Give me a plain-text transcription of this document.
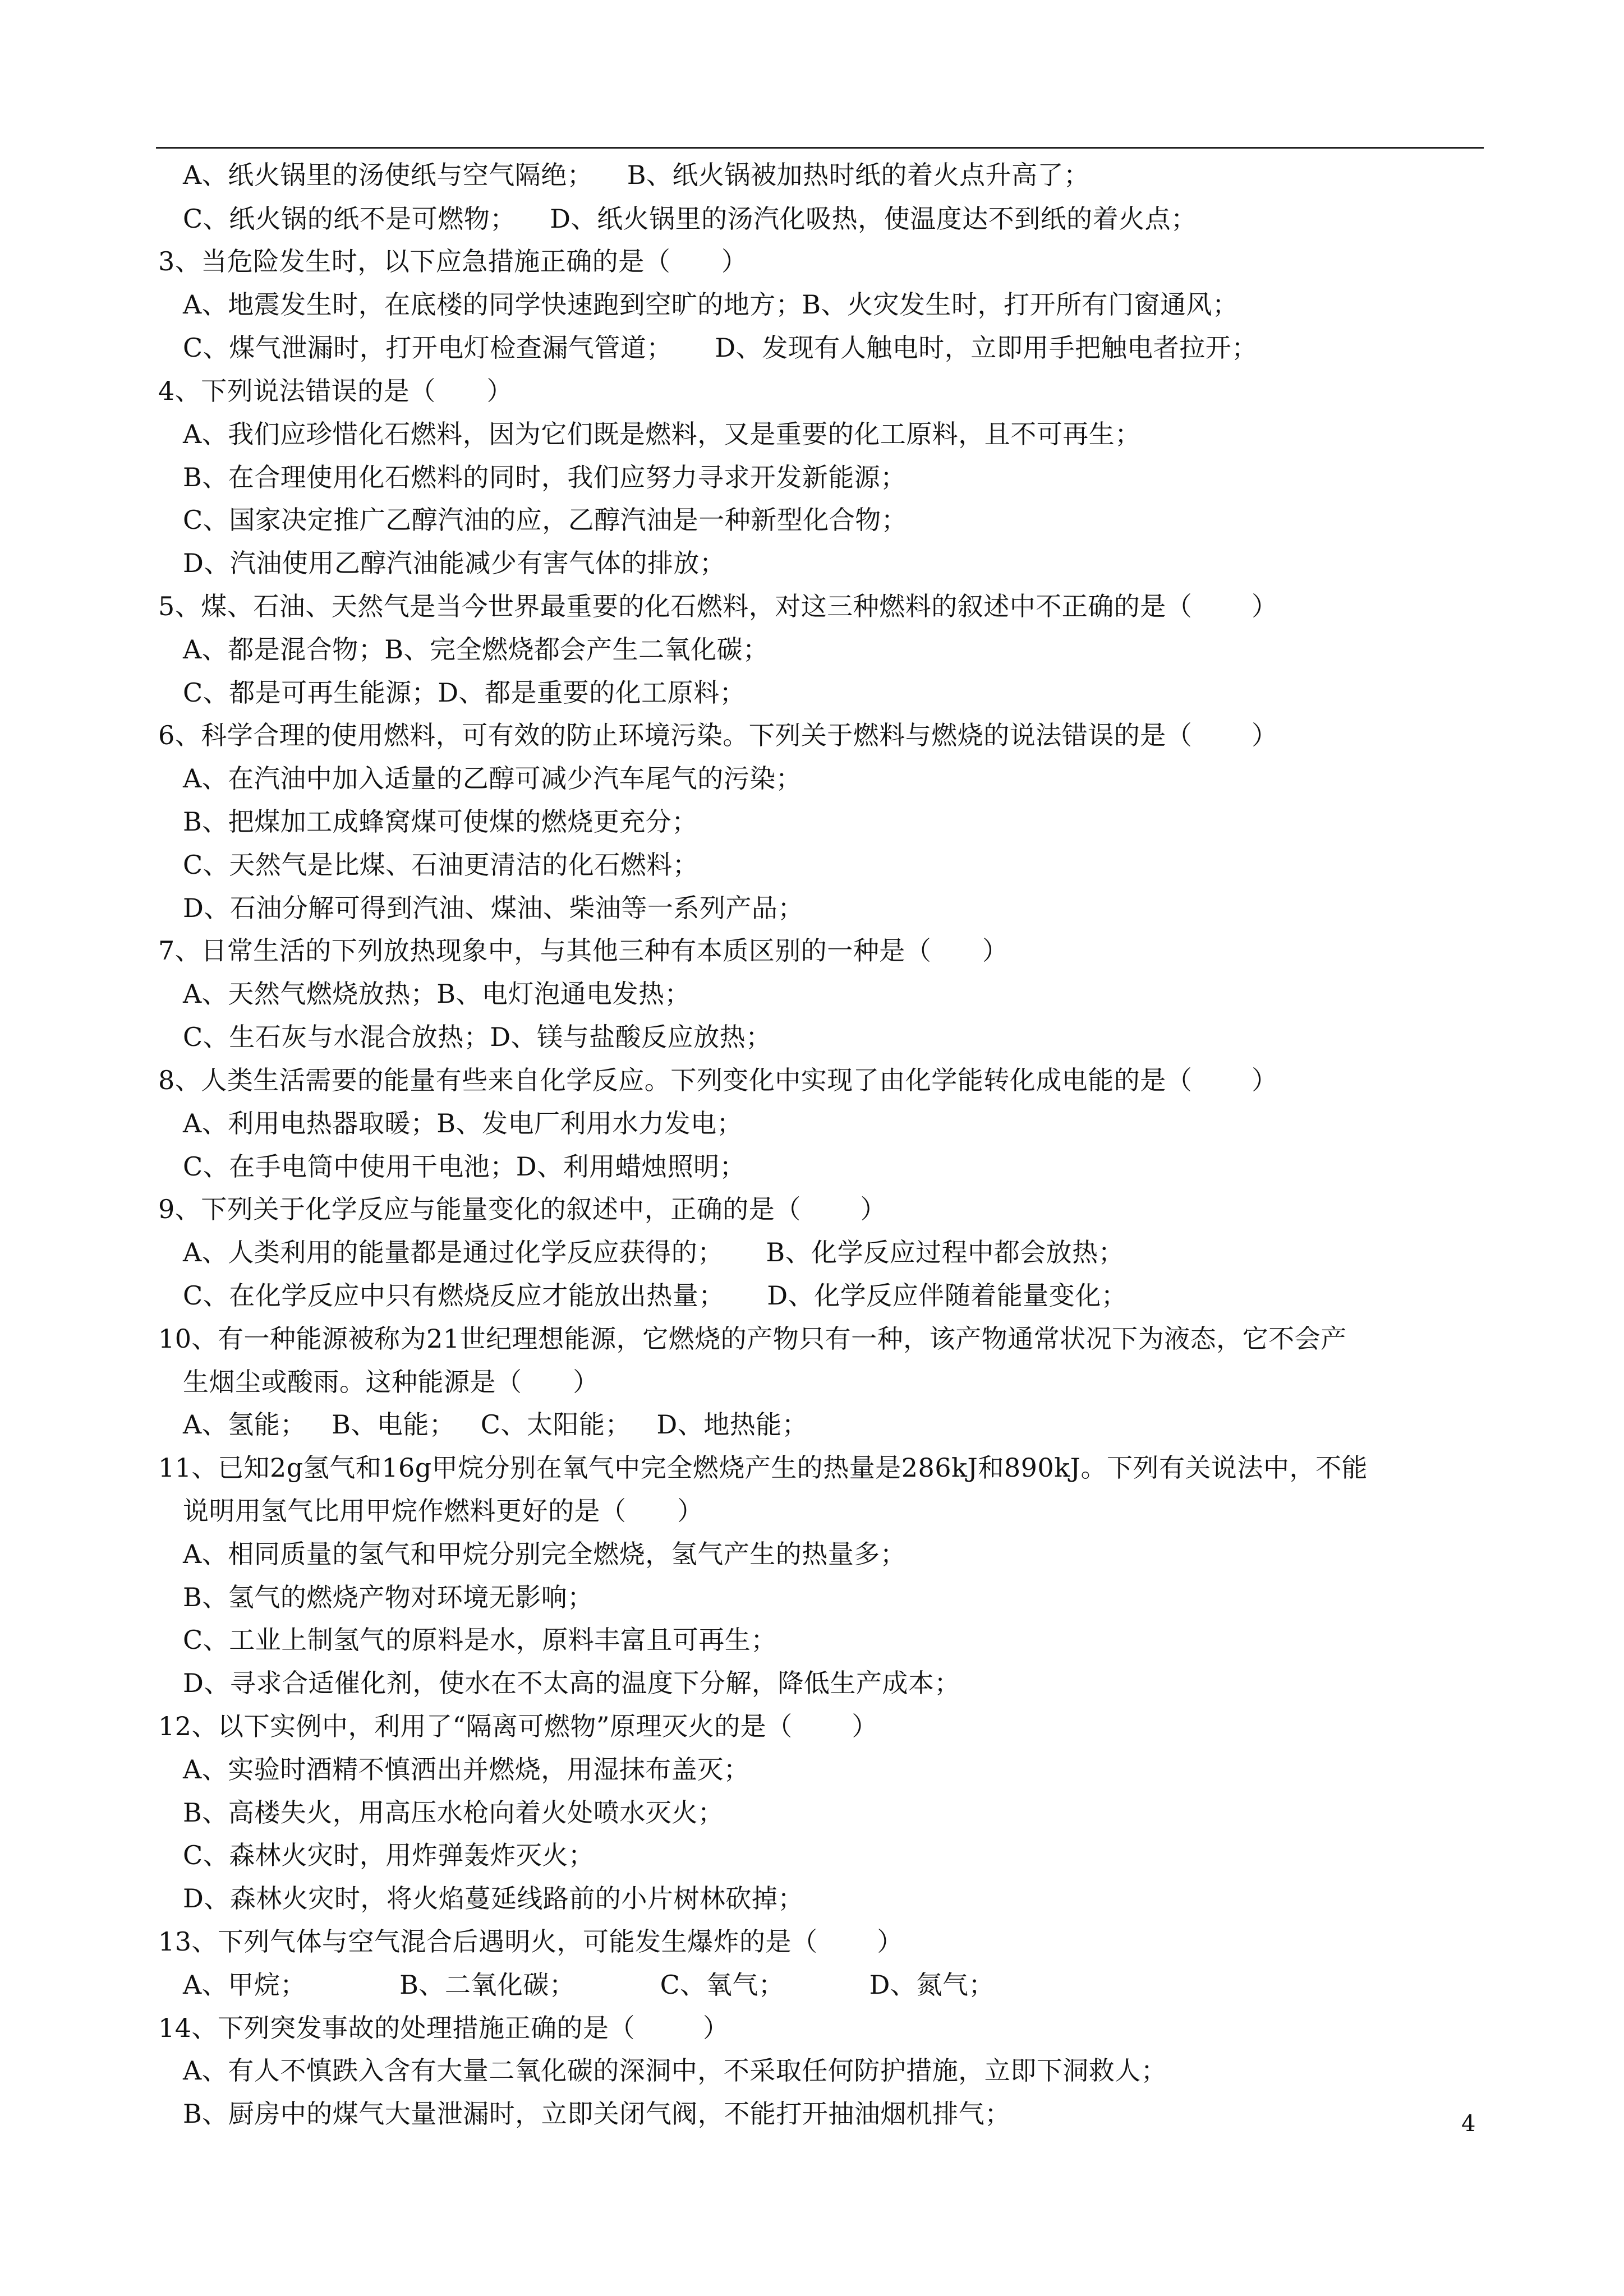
A、纸火锅里的汤使纸与空气隔绝；    B、纸火锅被加热时纸的着火点升高了；
C、纸火锅的纸不是可燃物；    D、纸火锅里的汤汽化吸热，使温度达不到纸的着火点；
3、当危险发生时，以下应急措施正确的是（      ）
A、地震发生时，在底楼的同学快速跑到空旷的地方；B、火灾发生时，打开所有门窗通风；
C、煤气泄漏时，打开电灯检查漏气管道；     D、发现有人触电时，立即用手把触电者拉开；
4、下列说法错误的是（      ）
A、我们应珍惜化石燃料，因为它们既是燃料，又是重要的化工原料，且不可再生；
B、在合理使用化石燃料的同时，我们应努力寻求开发新能源；
C、国家决定推广乙醇汽油的应，乙醇汽油是一种新型化合物；
D、汽油使用乙醇汽油能减少有害气体的排放；
5、煤、石油、天然气是当今世界最重要的化石燃料，对这三种燃料的叙述中不正确的是（       ）
A、都是混合物；B、完全燃烧都会产生二氧化碳；
C、都是可再生能源；D、都是重要的化工原料；
6、科学合理的使用燃料，可有效的防止环境污染。下列关于燃料与燃烧的说法错误的是（       ）
A、在汽油中加入适量的乙醇可减少汽车尾气的污染；
B、把煤加工成蜂窝煤可使煤的燃烧更充分；
C、天然气是比煤、石油更清洁的化石燃料；
D、石油分解可得到汽油、煤油、柴油等一系列产品；
7、日常生活的下列放热现象中，与其他三种有本质区别的一种是（      ）
A、天然气燃烧放热；B、电灯泡通电发热；
C、生石灰与水混合放热；D、镁与盐酸反应放热；
8、人类生活需要的能量有些来自化学反应。下列变化中实现了由化学能转化成电能的是（       ）
A、利用电热器取暖；B、发电厂利用水力发电；
C、在手电筒中使用干电池；D、利用蜡烛照明；
9、下列关于化学反应与能量变化的叙述中，正确的是（       ）
A、人类利用的能量都是通过化学反应获得的；     B、化学反应过程中都会放热；
C、在化学反应中只有燃烧反应才能放出热量；     D、化学反应伴随着能量变化；
10、有一种能源被称为21世纪理想能源，它燃烧的产物只有一种，该产物通常状况下为液态，它不会产
生烟尘或酸雨。这种能源是（      ）
A、氢能；   B、电能；   C、太阳能；   D、地热能；
11、已知2g氢气和16g甲烷分别在氧气中完全燃烧产生的热量是286kJ和890kJ。下列有关说法中，不能
说明用氢气比用甲烷作燃料更好的是（      ）
A、相同质量的氢气和甲烷分别完全燃烧，氢气产生的热量多；
B、氢气的燃烧产物对环境无影响；
C、工业上制氢气的原料是水，原料丰富且可再生；
D、寻求合适催化剂，使水在不太高的温度下分解，降低生产成本；
12、以下实例中，利用了“隔离可燃物”原理灭火的是（       ）
A、实验时酒精不慎洒出并燃烧，用湿抹布盖灭；
B、高楼失火，用高压水枪向着火处喷水灭火；
C、森林火灾时，用炸弹轰炸灭火；
D、森林火灾时，将火焰蔓延线路前的小片树林砍掉；
13、下列气体与空气混合后遇明火，可能发生爆炸的是（       ）
A、甲烷；           B、二氧化碳；          C、氧气；          D、氮气；
14、下列突发事故的处理措施正确的是（        ）
A、有人不慎跌入含有大量二氧化碳的深洞中，不采取任何防护措施，立即下洞救人；
B、厨房中的煤气大量泄漏时，立即关闭气阀，不能打开抽油烟机排气；	4
